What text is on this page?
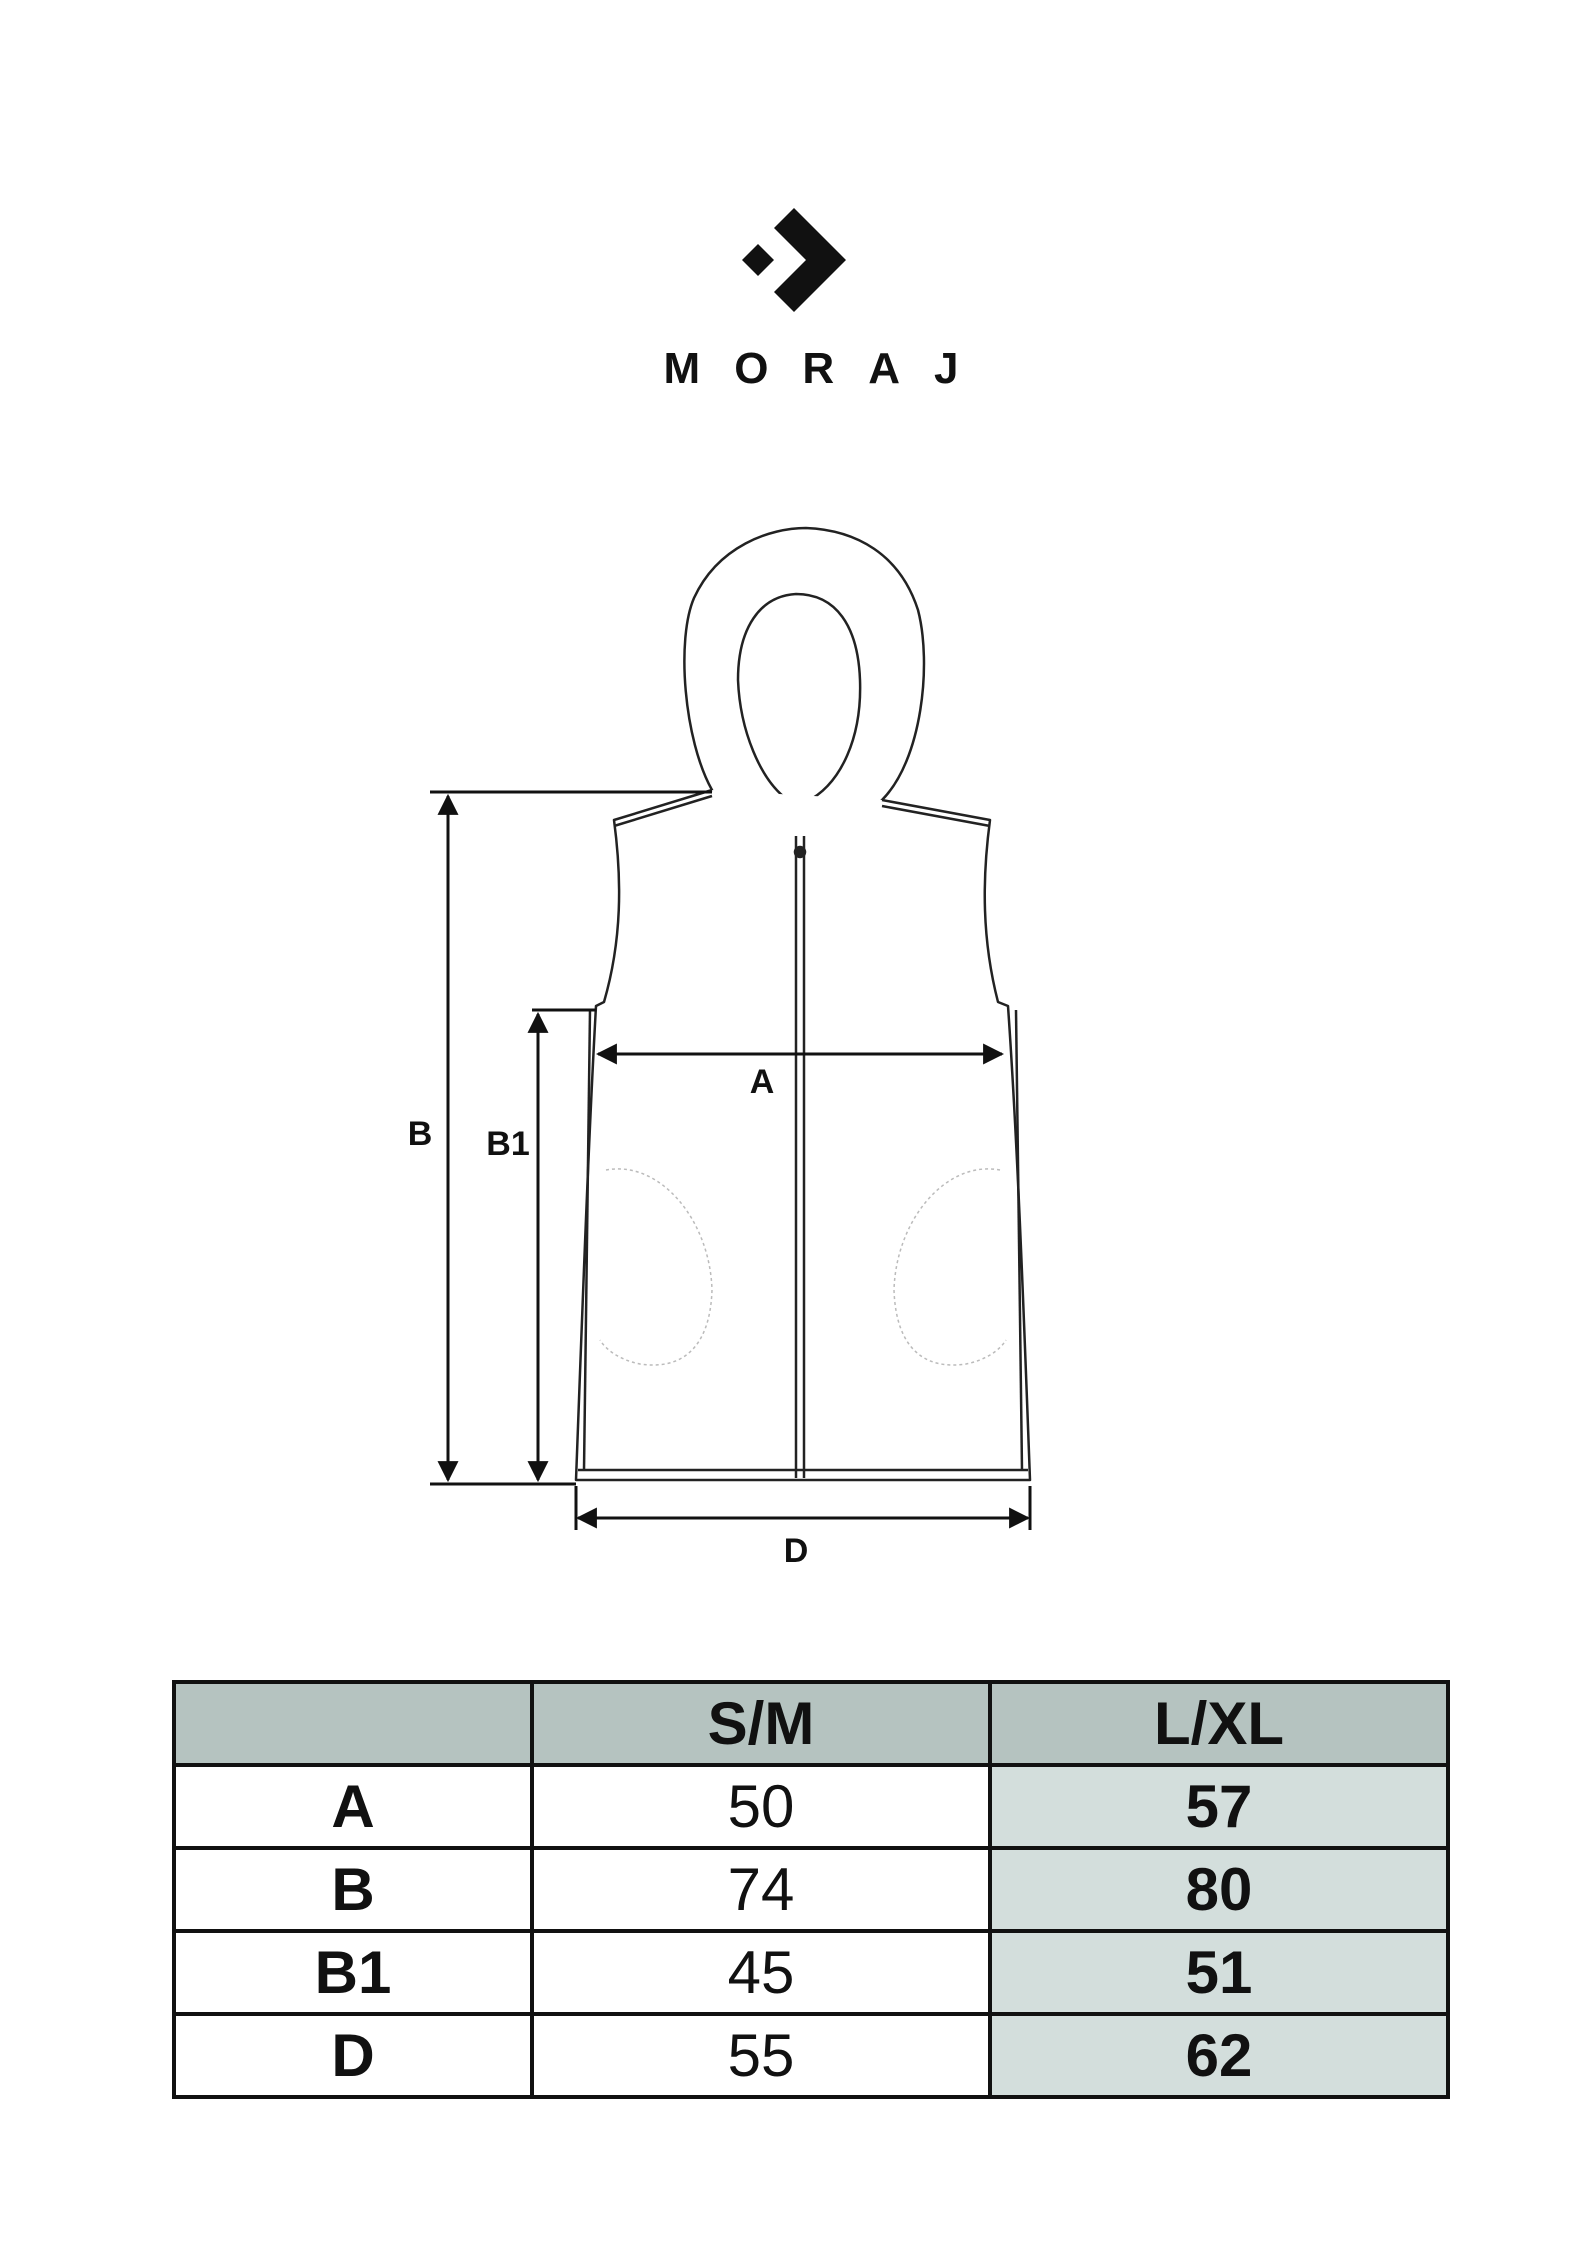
MORAJ
A
B B1
D
	S/M	L/XL
A	50	57
B	74	80
B1	45	51
D	55	62
